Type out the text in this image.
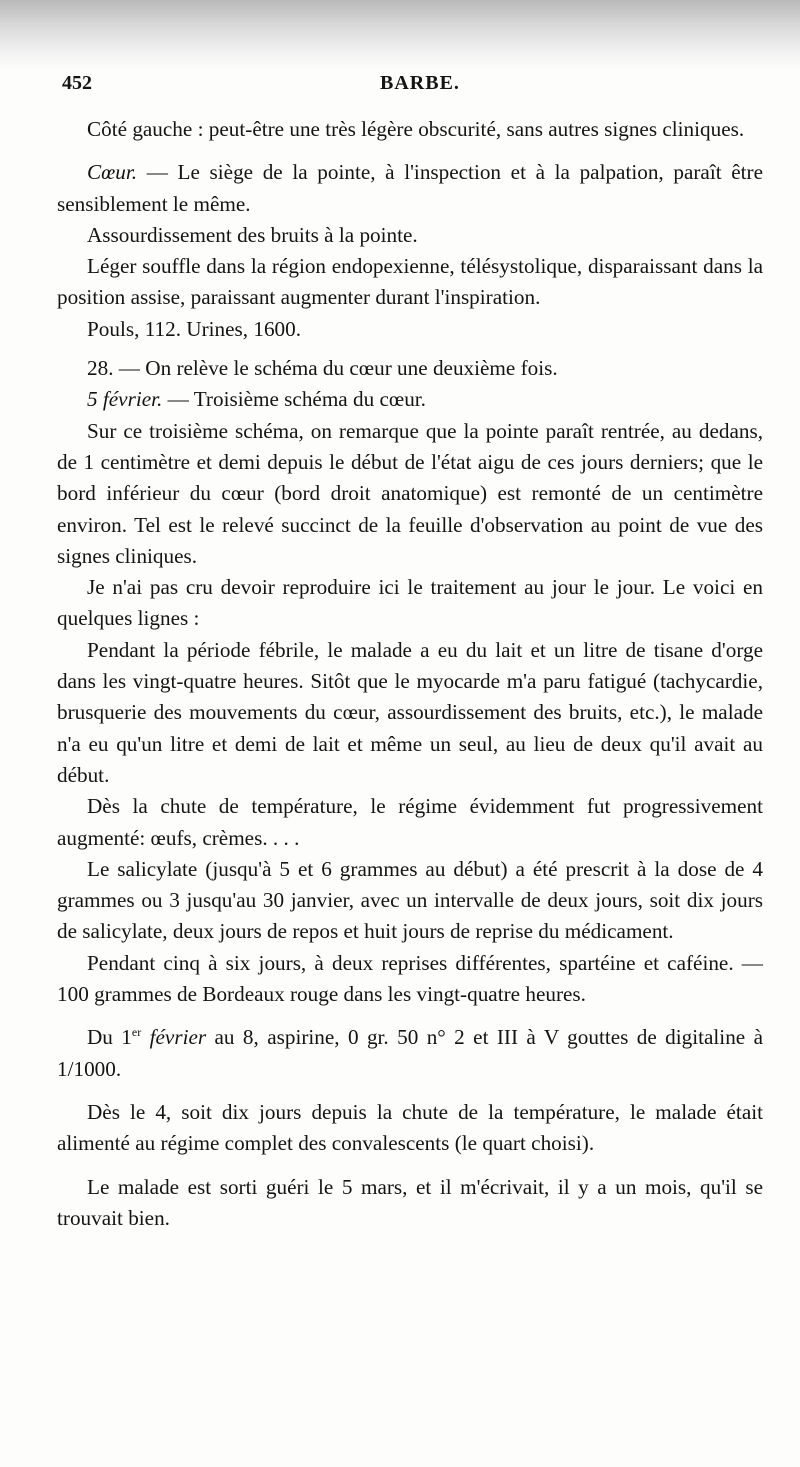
452	BARBE.

Côté gauche : peut-être une très légère obscurité, sans autres signes cliniques.

Cœur. — Le siège de la pointe, à l'inspection et à la palpation, paraît être sensiblement le même.

Assourdissement des bruits à la pointe.

Léger souffle dans la région endopexienne, télésystolique, disparaissant dans la position assise, paraissant augmenter durant l'inspiration.

Pouls, 112. Urines, 1600.

28. — On relève le schéma du cœur une deuxième fois.

5 février. — Troisième schéma du cœur.

Sur ce troisième schéma, on remarque que la pointe paraît rentrée, au dedans, de 1 centimètre et demi depuis le début de l'état aigu de ces jours derniers; que le bord inférieur du cœur (bord droit anatomique) est remonté de un centimètre environ. Tel est le relevé succinct de la feuille d'observation au point de vue des signes cliniques.

Je n'ai pas cru devoir reproduire ici le traitement au jour le jour. Le voici en quelques lignes :

Pendant la période fébrile, le malade a eu du lait et un litre de tisane d'orge dans les vingt-quatre heures. Sitôt que le myocarde m'a paru fatigué (tachycardie, brusquerie des mouvements du cœur, assourdissement des bruits, etc.), le malade n'a eu qu'un litre et demi de lait et même un seul, au lieu de deux qu'il avait au début.

Dès la chute de température, le régime évidemment fut progressivement augmenté: œufs, crèmes. . . .

Le salicylate (jusqu'à 5 et 6 grammes au début) a été prescrit à la dose de 4 grammes ou 3 jusqu'au 30 janvier, avec un intervalle de deux jours, soit dix jours de salicylate, deux jours de repos et huit jours de reprise du médicament.

Pendant cinq à six jours, à deux reprises différentes, spartéine et caféine. — 100 grammes de Bordeaux rouge dans les vingt-quatre heures.

Du 1er février au 8, aspirine, 0 gr. 50 n° 2 et III à V gouttes de digitaline à 1/1000.

Dès le 4, soit dix jours depuis la chute de la température, le malade était alimenté au régime complet des convalescents (le quart choisi).

Le malade est sorti guéri le 5 mars, et il m'écrivait, il y a un mois, qu'il se trouvait bien.
